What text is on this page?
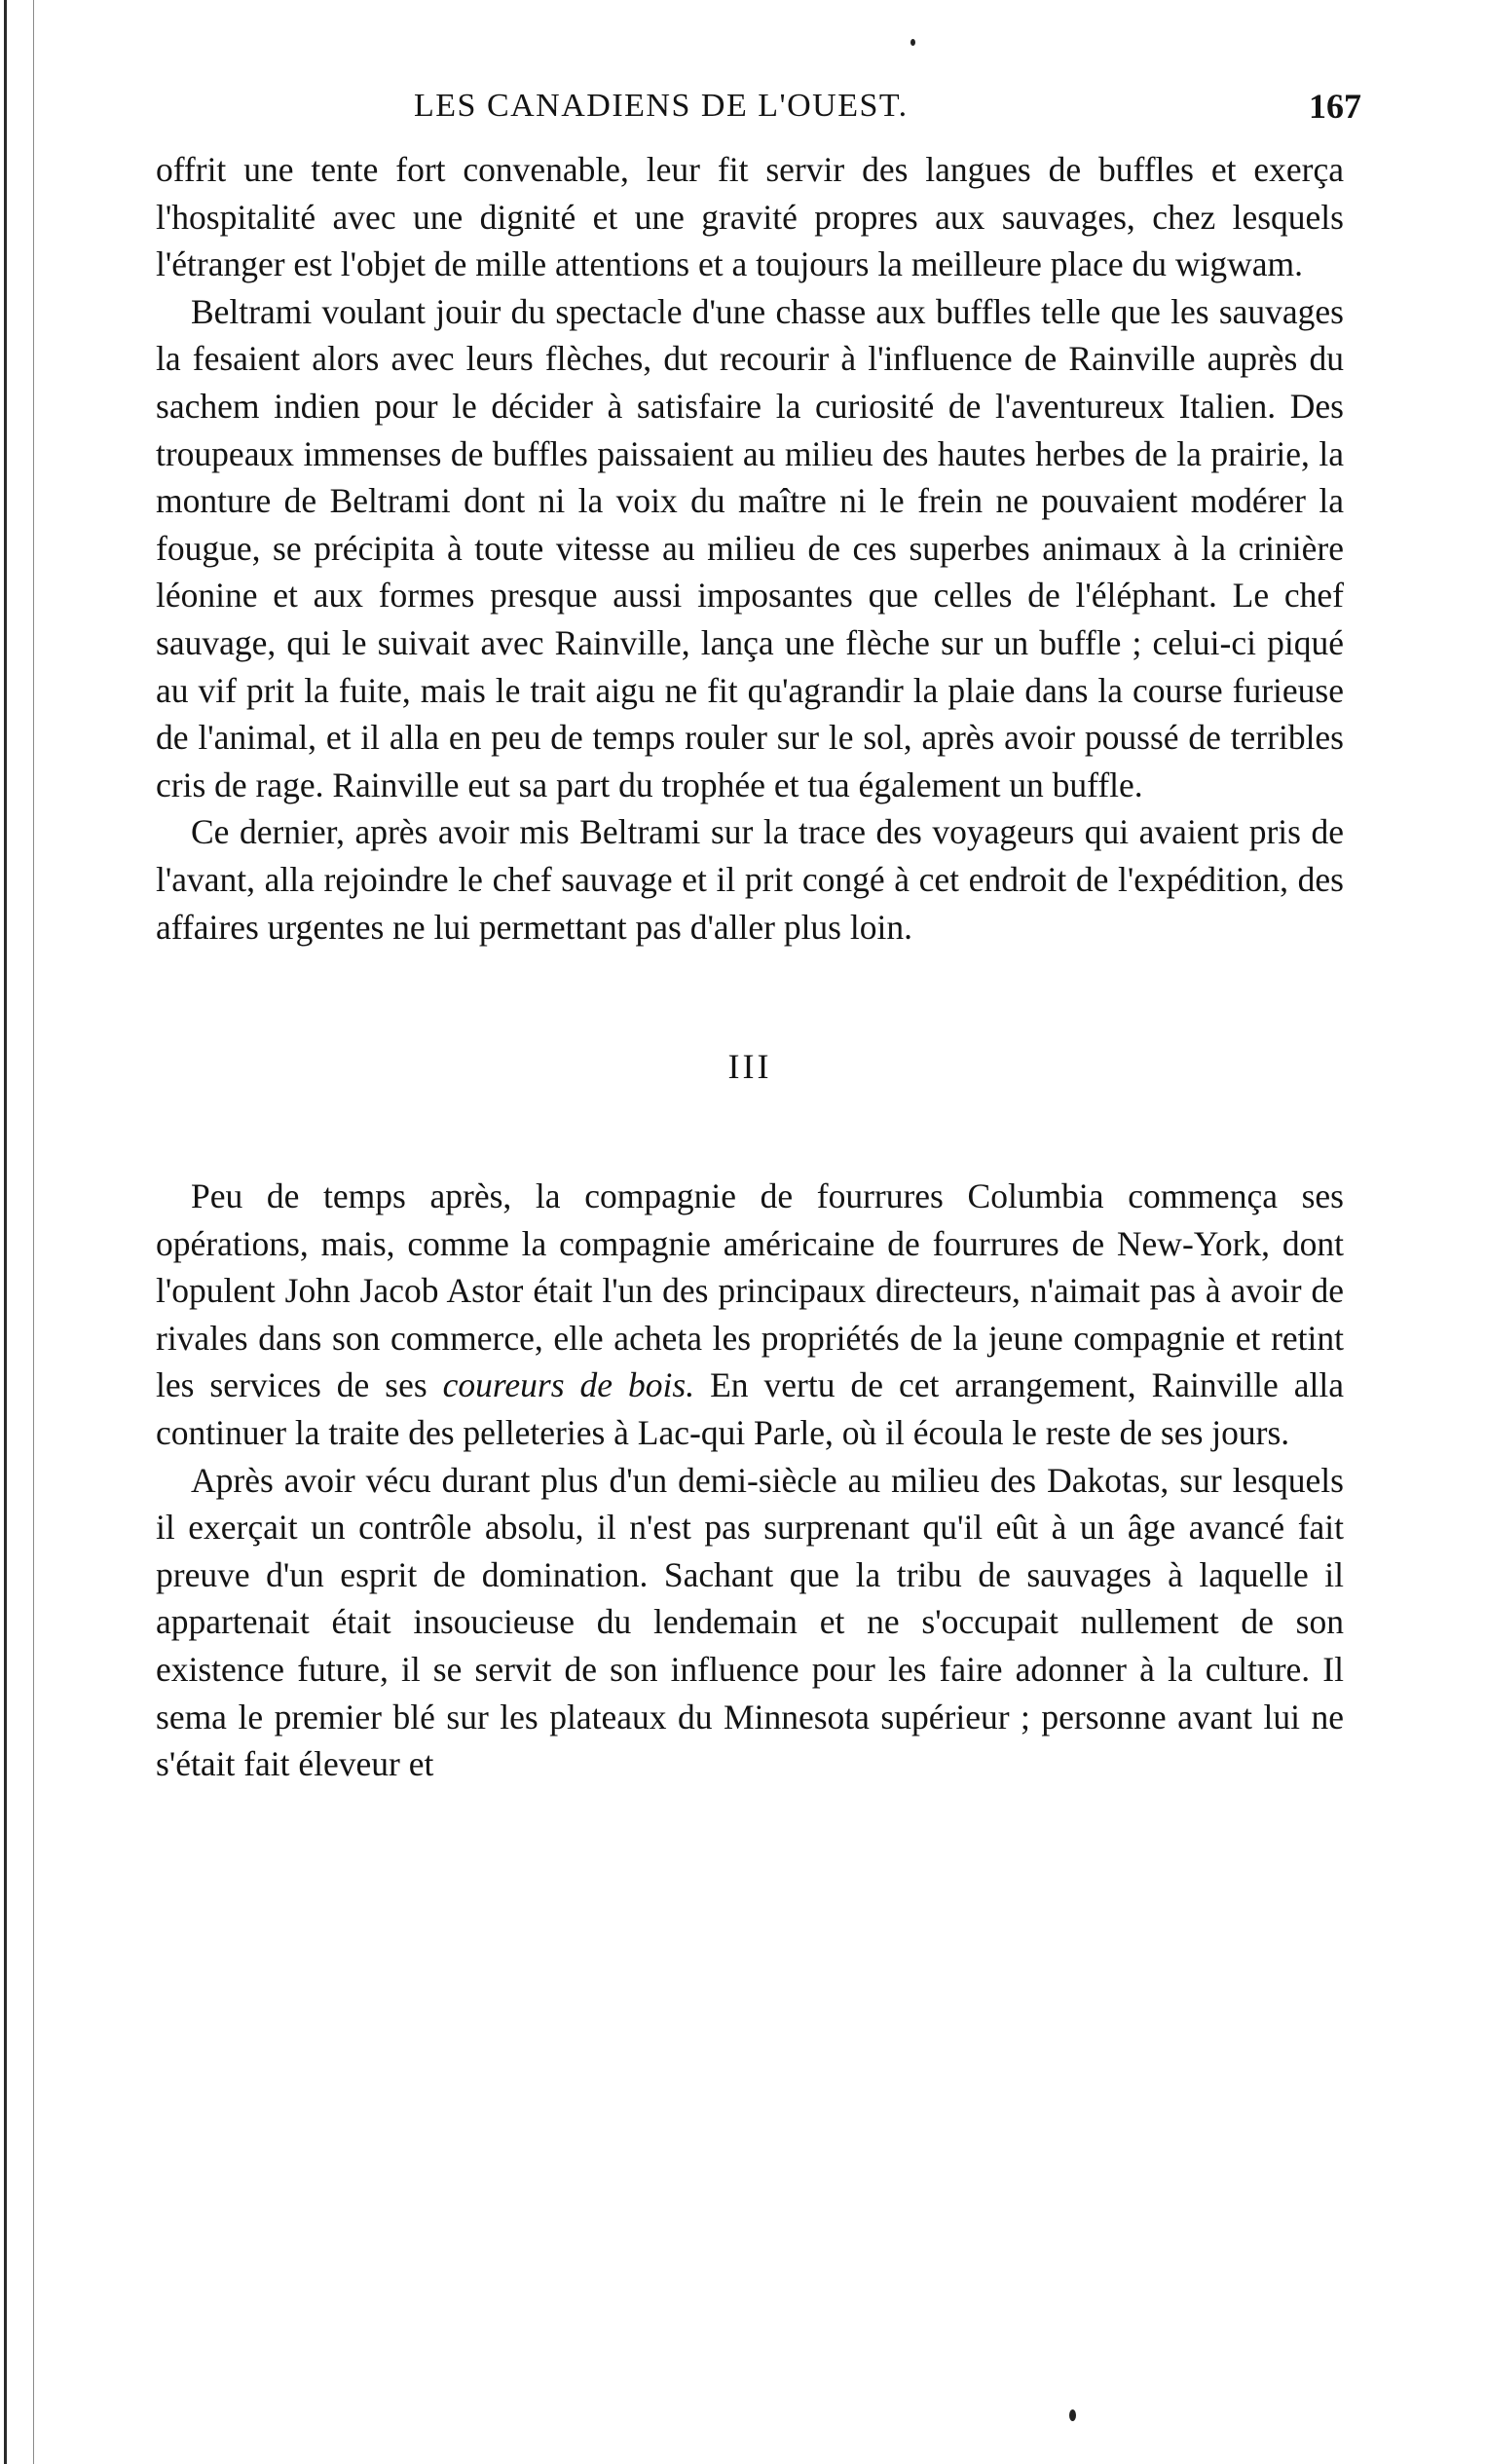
LES CANADIENS DE L'OUEST.	167

offrit une tente fort convenable, leur fit servir des langues de buffles et exerça l'hospitalité avec une dignité et une gravité propres aux sauvages, chez lesquels l'étranger est l'objet de mille attentions et a toujours la meilleure place du wigwam.

Beltrami voulant jouir du spectacle d'une chasse aux buffles telle que les sauvages la fesaient alors avec leurs flèches, dut recourir à l'influence de Rainville auprès du sachem indien pour le décider à satisfaire la curiosité de l'aventureux Italien. Des troupeaux immenses de buffles paissaient au milieu des hautes herbes de la prairie, la monture de Beltrami dont ni la voix du maître ni le frein ne pouvaient modérer la fougue, se précipita à toute vitesse au milieu de ces superbes animaux à la crinière léonine et aux formes presque aussi imposantes que celles de l'éléphant. Le chef sauvage, qui le suivait avec Rainville, lança une flèche sur un buffle ; celui-ci piqué au vif prit la fuite, mais le trait aigu ne fit qu'agrandir la plaie dans la course furieuse de l'animal, et il alla en peu de temps rouler sur le sol, après avoir poussé de terribles cris de rage. Rainville eut sa part du trophée et tua également un buffle.

Ce dernier, après avoir mis Beltrami sur la trace des voyageurs qui avaient pris de l'avant, alla rejoindre le chef sauvage et il prit congé à cet endroit de l'expédition, des affaires urgentes ne lui permettant pas d'aller plus loin.

III

Peu de temps après, la compagnie de fourrures Columbia commença ses opérations, mais, comme la compagnie américaine de fourrures de New-York, dont l'opulent John Jacob Astor était l'un des principaux directeurs, n'aimait pas à avoir de rivales dans son commerce, elle acheta les propriétés de la jeune compagnie et retint les services de ses coureurs de bois. En vertu de cet arrangement, Rainville alla continuer la traite des pelleteries à Lac-qui Parle, où il écoula le reste de ses jours.

Après avoir vécu durant plus d'un demi-siècle au milieu des Dakotas, sur lesquels il exerçait un contrôle absolu, il n'est pas surprenant qu'il eût à un âge avancé fait preuve d'un esprit de domination. Sachant que la tribu de sauvages à laquelle il appartenait était insoucieuse du lendemain et ne s'occupait nullement de son existence future, il se servit de son influence pour les faire adonner à la culture. Il sema le premier blé sur les plateaux du Minnesota supérieur ; personne avant lui ne s'était fait éleveur et
